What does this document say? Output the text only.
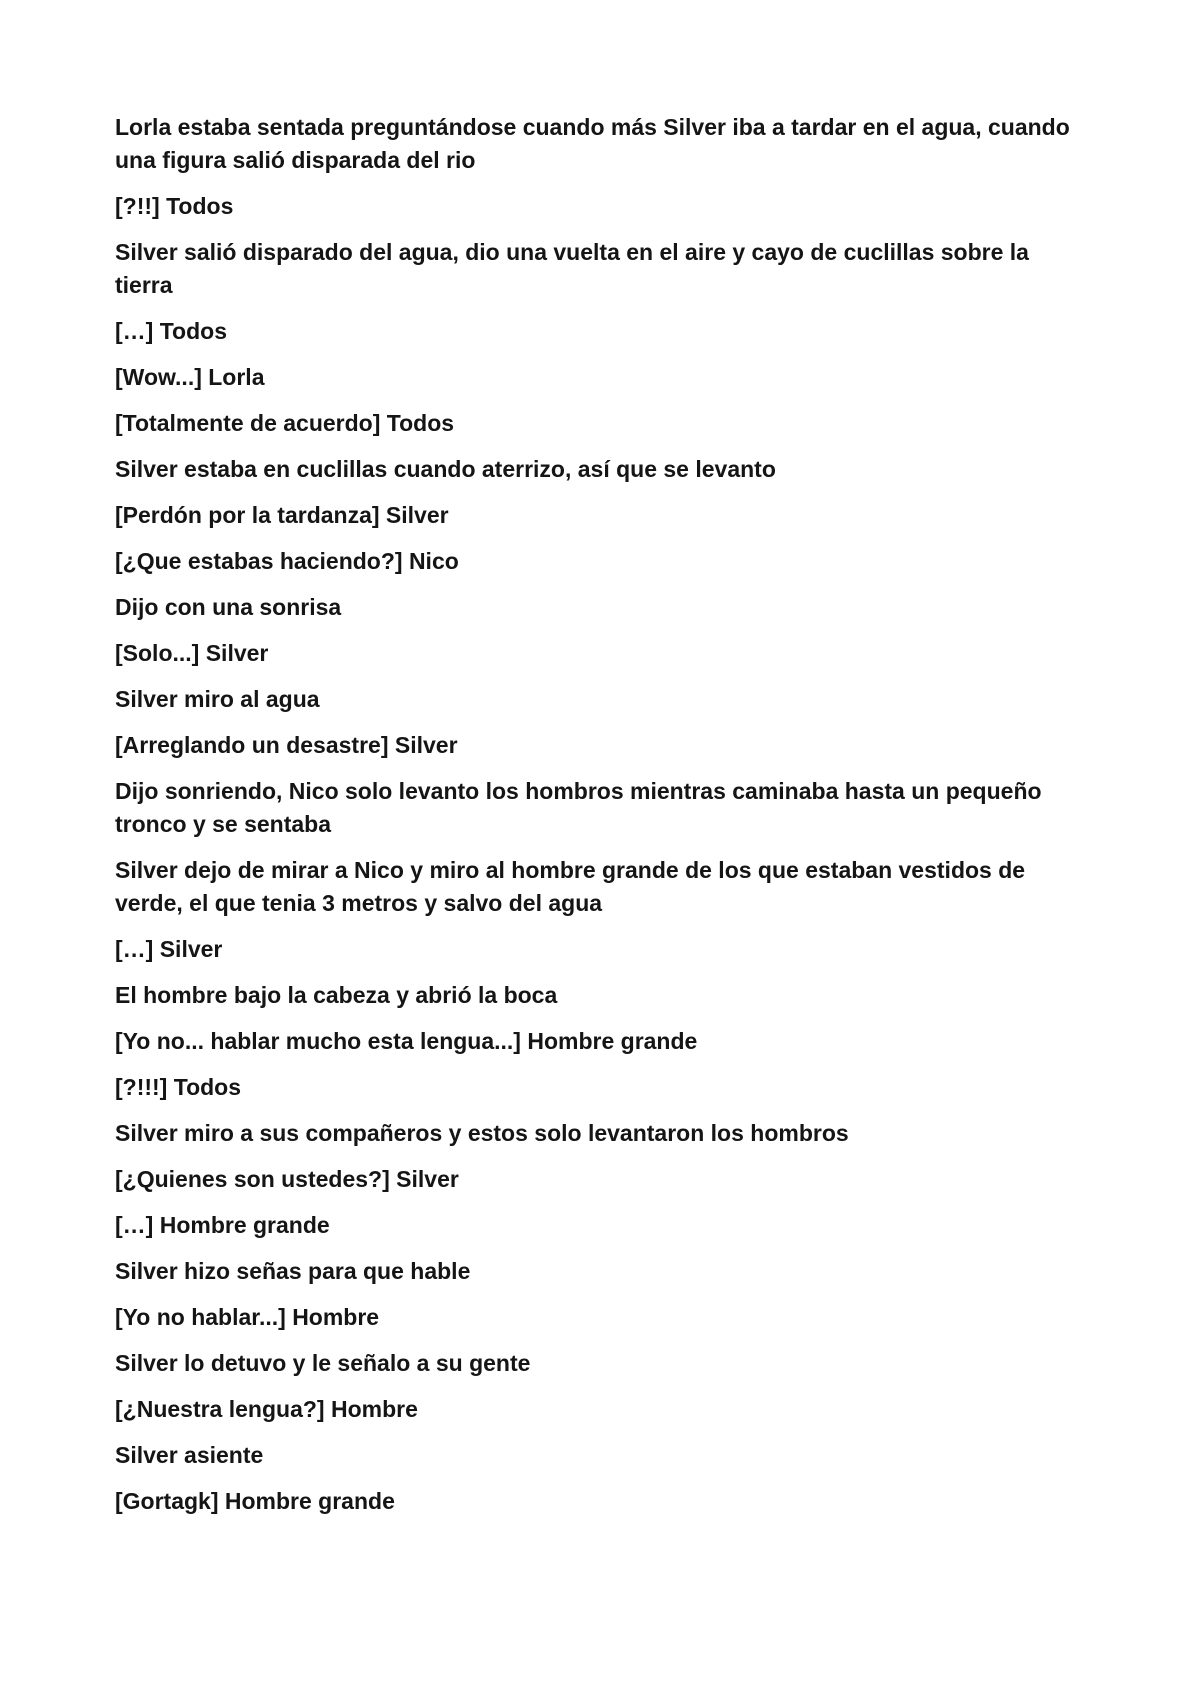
Lorla estaba sentada preguntándose cuando más Silver iba a tardar en el agua, cuando una figura salió disparada del rio

[?!!] Todos

Silver salió disparado del agua, dio una vuelta en el aire y cayo de cuclillas sobre la tierra

[…] Todos

[Wow...] Lorla

[Totalmente de acuerdo] Todos

Silver estaba en cuclillas cuando aterrizo, así que se levanto

[Perdón por la tardanza] Silver

[¿Que estabas haciendo?] Nico

Dijo con una sonrisa

[Solo...] Silver

Silver miro al agua

[Arreglando un desastre] Silver

Dijo sonriendo, Nico solo levanto los hombros mientras caminaba hasta un pequeño tronco y se sentaba

Silver dejo de mirar a Nico y miro al hombre grande de los que estaban vestidos de verde, el que tenia 3 metros y salvo del agua

[…] Silver

El hombre bajo la cabeza y abrió la boca

[Yo no... hablar mucho esta lengua...] Hombre grande

[?!!!] Todos

Silver miro a sus compañeros y estos solo levantaron los hombros

[¿Quienes son ustedes?] Silver

[…] Hombre grande

Silver hizo señas para que hable

[Yo no hablar...] Hombre

Silver lo detuvo y le señalo a su gente

[¿Nuestra lengua?] Hombre

Silver asiente

[Gortagk] Hombre grande
